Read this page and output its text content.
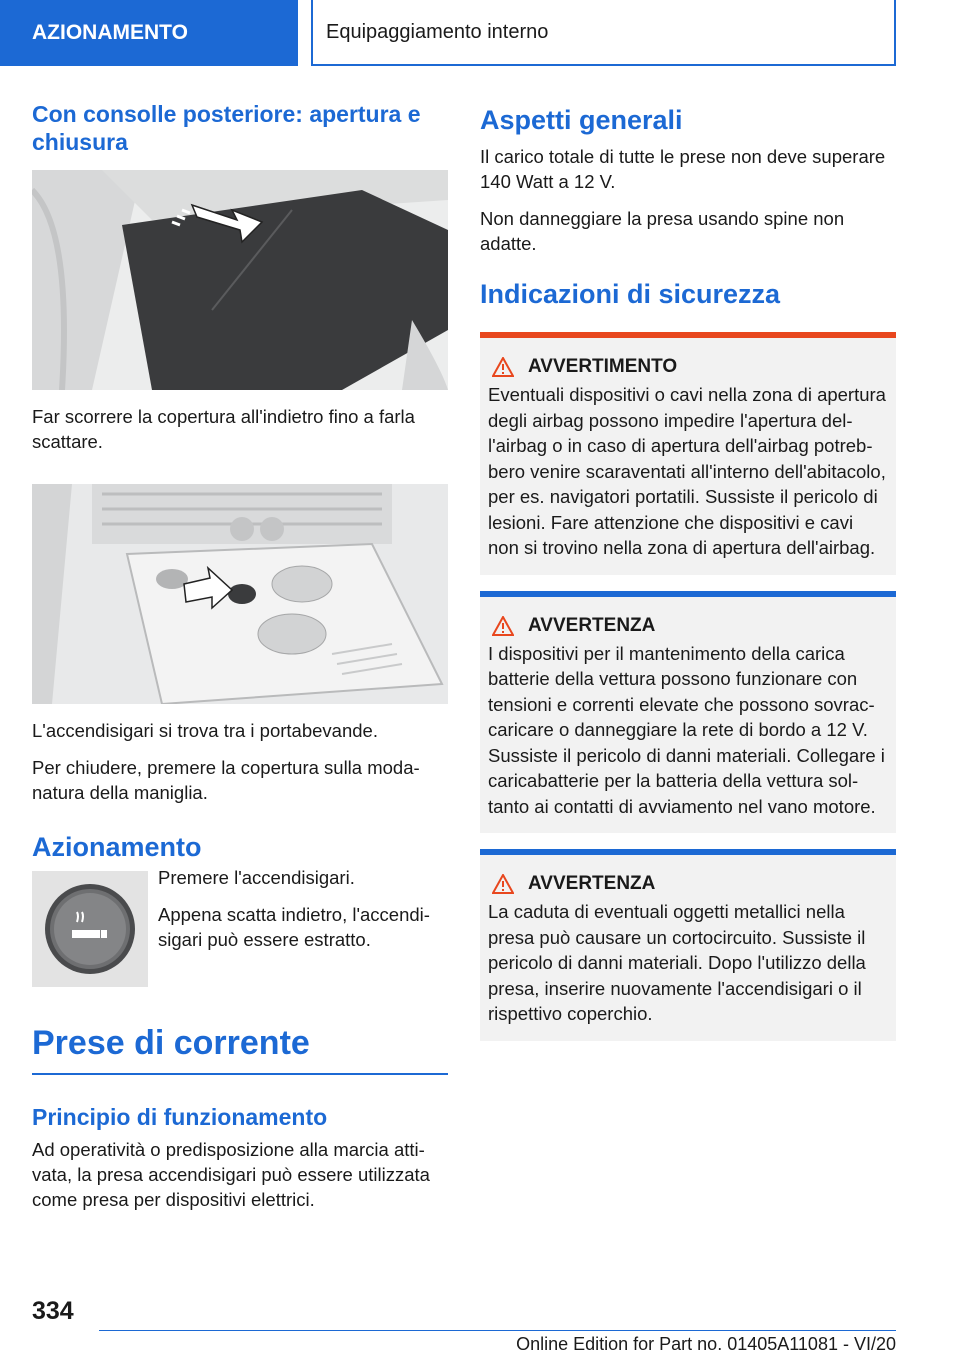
AZIONAMENTO	Equipaggiamento interno
Con consolle posteriore: apertura e chiusura

Far scorrere la copertura all'indietro fino a farla scattare.

L'accendisigari si trova tra i portabevande.

Per chiudere, premere la copertura sulla modanatura della maniglia.

Azionamento

Premere l'accendisigari.

Appena scatta indietro, l'accendisigari può essere estratto.

Prese di corrente
Principio di funzionamento

Ad operatività o predisposizione alla marcia attivata, la presa accendisigari può essere utilizzata come presa per dispositivi elettrici.

Aspetti generali

Il carico totale di tutte le prese non deve superare 140 Watt a 12 V.

Non danneggiare la presa usando spine non adatte.

Indicazioni di sicurezza
AVVERTIMENTO

Eventuali dispositivi o cavi nella zona di apertura degli airbag possono impedire l'apertura dell'airbag o in caso di apertura dell'airbag potrebbero venire scaraventati all'interno dell'abitacolo, per es. navigatori portatili. Sussiste il pericolo di lesioni. Fare attenzione che dispositivi e cavi non si trovino nella zona di apertura dell'airbag.

AVVERTENZA

I dispositivi per il mantenimento della carica batterie della vettura possono funzionare con tensioni e correnti elevate che possono sovraccaricare o danneggiare la rete di bordo a 12 V. Sussiste il pericolo di danni materiali. Collegare i caricabatterie per la batteria della vettura soltanto ai contatti di avviamento nel vano motore.

AVVERTENZA

La caduta di eventuali oggetti metallici nella presa può causare un cortocircuito. Sussiste il pericolo di danni materiali. Dopo l'utilizzo della presa, inserire nuovamente l'accendisigari o il rispettivo coperchio.

334
Online Edition for Part no. 01405A11081 - VI/20
